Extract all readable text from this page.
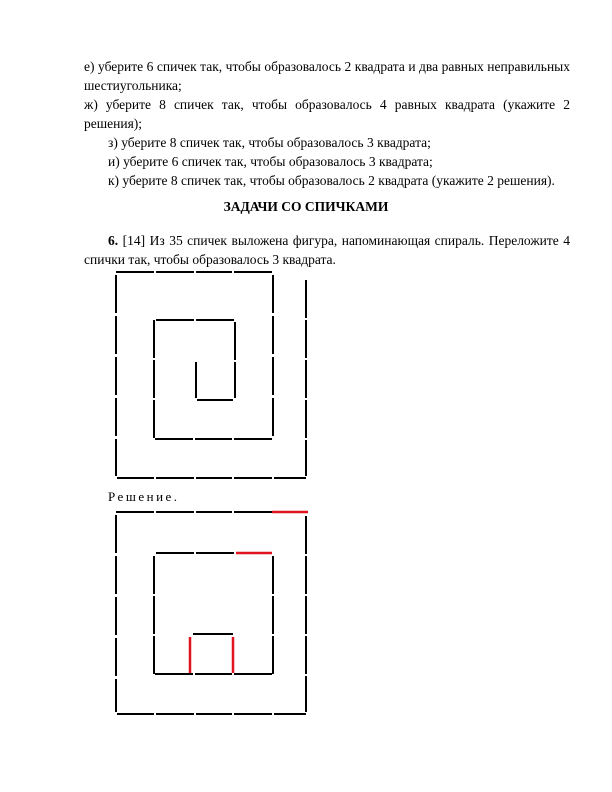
е) уберите 6 спичек так, чтобы образовалось 2 квадрата и два равных неправильных шестиугольника;
ж) уберите 8 спичек так, чтобы образовалось 4 равных квадрата (укажите 2 решения);
з) уберите 8 спичек так, чтобы образовалось 3 квадрата;
и) уберите 6 спичек так, чтобы образовалось 3 квадрата;
к) уберите 8 спичек так, чтобы образовалось 2 квадрата (укажите 2 решения).
ЗАДАЧИ СО СПИЧКАМИ
6. [14] Из 35 спичек выложена фигура, напоминающая спираль. Переложите 4 спички так, чтобы образовалось 3 квадрата.
Решение.
